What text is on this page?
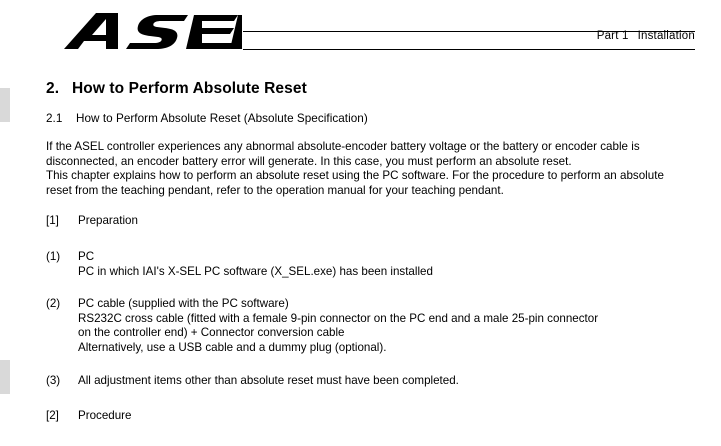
Part 1 Installation
2. How to Perform Absolute Reset
2.1 How to Perform Absolute Reset (Absolute Specification)

If the ASEL controller experiences any abnormal absolute-encoder battery voltage or the battery or encoder cable is disconnected, an encoder battery error will generate. In this case, you must perform an absolute reset.

This chapter explains how to perform an absolute reset using the PC software. For the procedure to perform an absolute reset from the teaching pendant, refer to the operation manual for your teaching pendant.

[1]	Preparation
(1)	PC
PC in which IAI's X-SEL PC software (X_SEL.exe) has been installed
(2)	PC cable (supplied with the PC software)
RS232C cross cable (fitted with a female 9-pin connector on the PC end and a male 25-pin connector
on the controller end) + Connector conversion cable
Alternatively, use a USB cable and a dummy plug (optional).
(3)	All adjustment items other than absolute reset must have been completed.
[2]	Procedure
